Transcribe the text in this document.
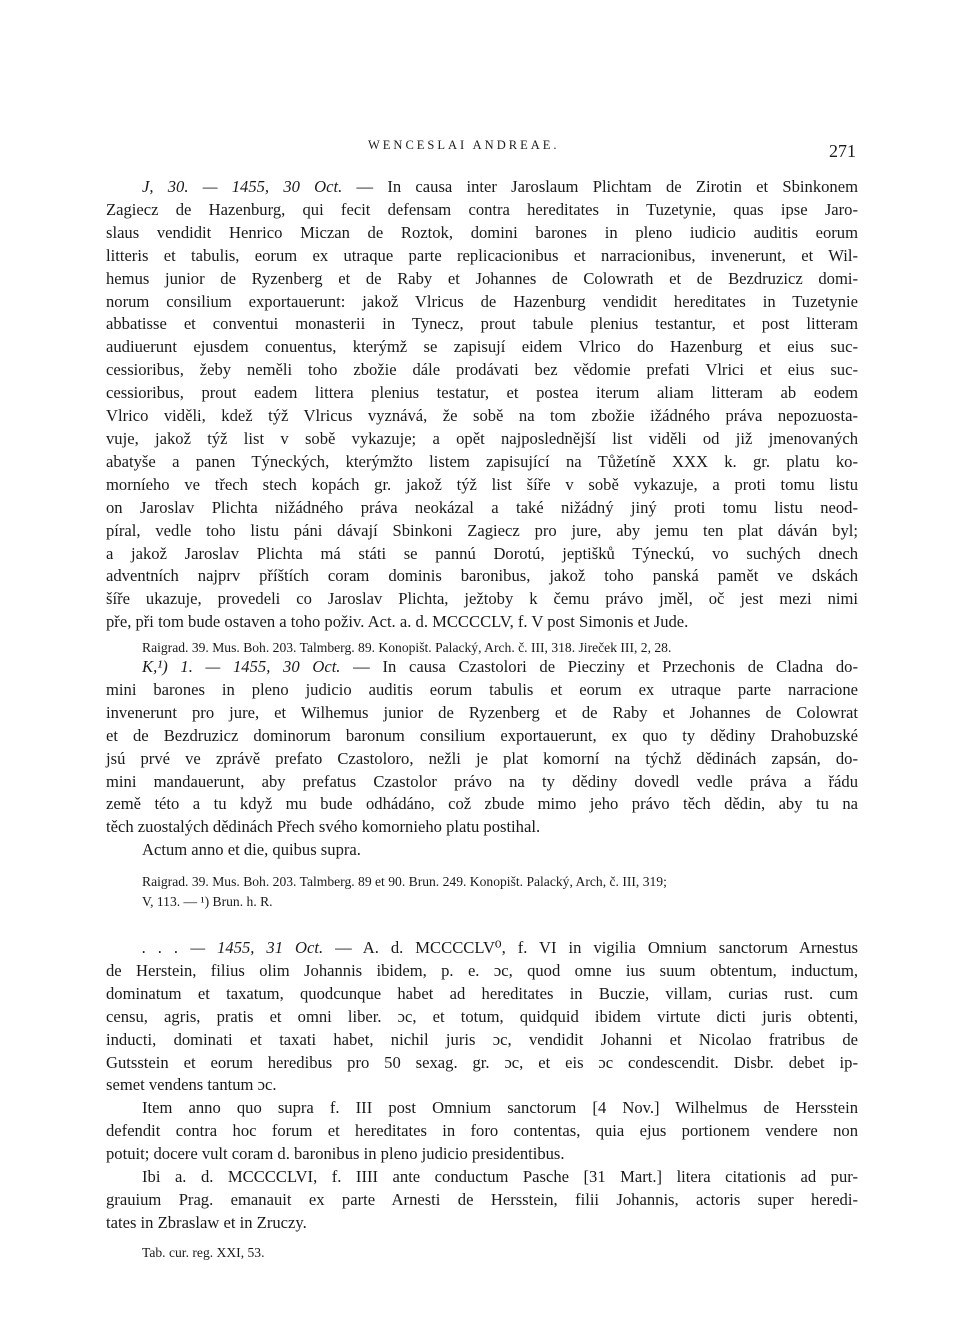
WENCESLAI ANDREAE.	271
J, 30. — 1455, 30 Oct. — In causa inter Jaroslaum Plichtam de Zirotin et Sbinkonem
Zagiecz de Hazenburg, qui fecit defensam contra hereditates in Tuzetynie, quas ipse Jaro-
slaus vendidit Henrico Miczan de Roztok, domini barones in pleno iudicio auditis eorum
litteris et tabulis, eorum ex utraque parte replicacionibus et narracionibus, invenerunt, et Wil-
hemus junior de Ryzenberg et de Raby et Johannes de Colowrath et de Bezdruzicz domi-
norum consilium exportauerunt: jakož Vlricus de Hazenburg vendidit hereditates in Tuzetynie
abbatisse et conventui monasterii in Tynecz, prout tabule plenius testantur, et post litteram
audiuerunt ejusdem conuentus, kterýmž se zapisují eidem Vlrico do Hazenburg et eius suc-
cessioribus, žeby neměli toho zbožie dále prodávati bez vědomie prefati Vlrici et eius suc-
cessioribus, prout eadem littera plenius testatur, et postea iterum aliam litteram ab eodem
Vlrico viděli, kdež týž Vlricus vyznává, že sobě na tom zbožie ižádného práva nepozuosta-
vuje, jakož týž list v sobě vykazuje; a opět najposlednější list viděli od již jmenovaných
abatyše a panen Týneckých, kterýmžto listem zapisující na Tůžetíně XXX k. gr. platu ko-
morníeho ve třech stech kopách gr. jakož týž list šíře v sobě vykazuje, a proti tomu listu
on Jaroslav Plichta nižádného práva neokázal a také nižádný jiný proti tomu listu neod-
píral, vedle toho listu páni dávají Sbinkoni Zagiecz pro jure, aby jemu ten plat dáván byl;
a jakož Jaroslav Plichta má státi se pannú Dorotú, jeptišků Týneckú, vo suchých dnech
adventních najprv příštích coram dominis baronibus, jakož toho panská pamět ve dskách
šíře ukazuje, provedeli co Jaroslav Plichta, ježtoby k čemu právo jměl, oč jest mezi nimi
pře, při tom bude ostaven a toho poživ. Act. a. d. MCCCCLV, f. V post Simonis et Jude.
Raigrad. 39. Mus. Boh. 203. Talmberg. 89. Konopišt. Palacký, Arch. č. III, 318. Jireček III, 2, 28.
K,¹) 1. — 1455, 30 Oct. — In causa Czastolori de Piecziny et Przechonis de Cladna do-
mini barones in pleno judicio auditis eorum tabulis et eorum ex utraque parte narracione
invenerunt pro jure, et Wilhemus junior de Ryzenberg et de Raby et Johannes de Colowrat
et de Bezdruzicz dominorum baronum consilium exportauerunt, ex quo ty dědiny Drahobuzské
jsú prvé ve zprávě prefato Czastoloro, nežli je plat komorní na týchž dědinách zapsán, do-
mini mandauerunt, aby prefatus Czastolor právo na ty dědiny dovedl vedle práva a řádu
země této a tu když mu bude odhádáno, což zbude mimo jeho právo těch dědin, aby tu na
těch zuostalých dědinách Přech svého komornieho platu postihal.
Actum anno et die, quibus supra.
Raigrad. 39. Mus. Boh. 203. Talmberg. 89 et 90. Brun. 249. Konopišt. Palacký, Arch, č. III, 319;
V, 113. — ¹) Brun. h. R.
. . . — 1455, 31 Oct. — A. d. MCCCCLV⁰, f. VI in vigilia Omnium sanctorum Arnestus
de Herstein, filius olim Johannis ibidem, p. e. ɔc, quod omne ius suum obtentum, inductum,
dominatum et taxatum, quodcunque habet ad hereditates in Buczie, villam, curias rust. cum
censu, agris, pratis et omni liber. ɔc, et totum, quidquid ibidem virtute dicti juris obtenti,
inducti, dominati et taxati habet, nichil juris ɔc, vendidit Johanni et Nicolao fratribus de
Gutsstein et eorum heredibus pro 50 sexag. gr. ɔc, et eis ɔc condescendit. Disbr. debet ip-
semet vendens tantum ɔc.
Item anno quo supra f. III post Omnium sanctorum [4 Nov.] Wilhelmus de Hersstein
defendit contra hoc forum et hereditates in foro contentas, quia ejus portionem vendere non
potuit; docere vult coram d. baronibus in pleno judicio presidentibus.
Ibi a. d. MCCCCLVI, f. IIII ante conductum Pasche [31 Mart.] litera citationis ad pur-
grauium Prag. emanauit ex parte Arnesti de Hersstein, filii Johannis, actoris super heredi-
tates in Zbraslaw et in Zruczy.
Tab. cur. reg. XXI, 53.
